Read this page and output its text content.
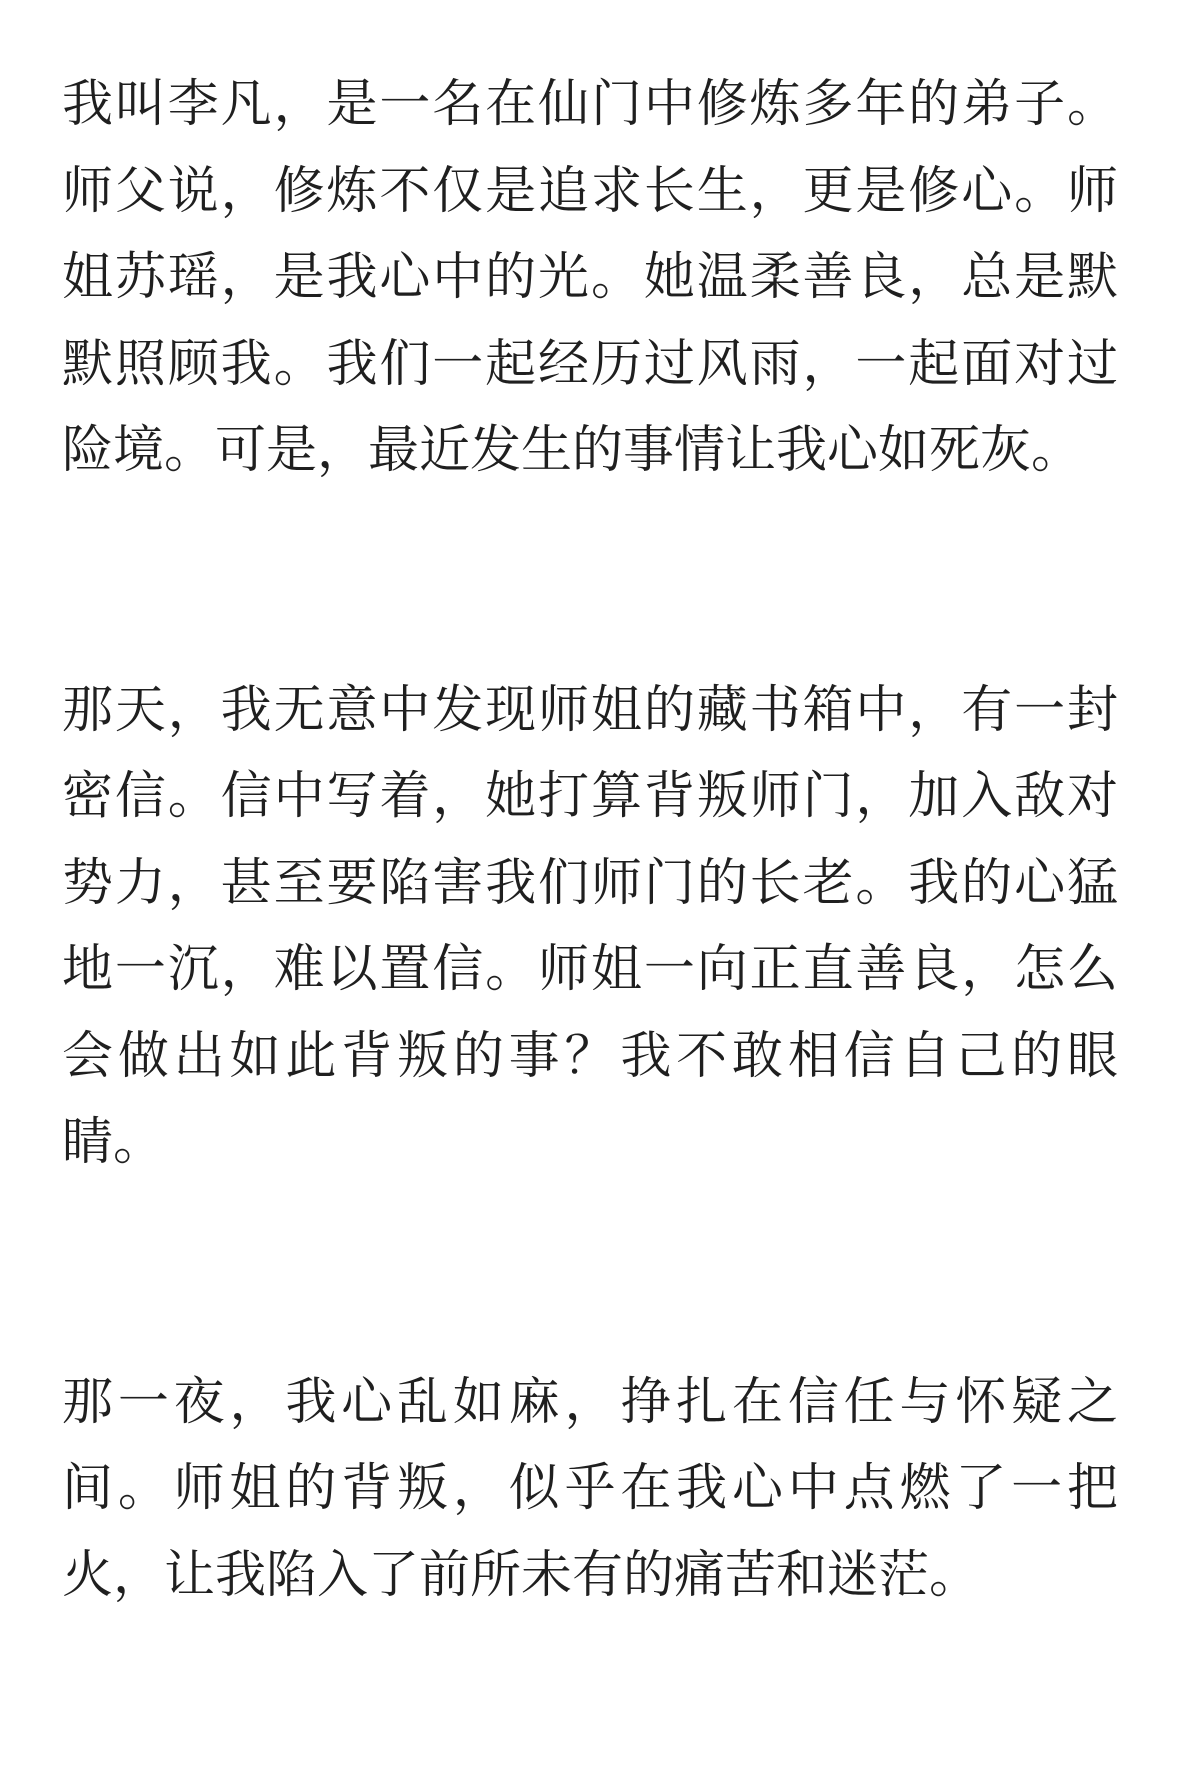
我叫李凡，是一名在仙门中修炼多年的弟子。师父说，修炼不仅是追求长生，更是修心。师姐苏瑶，是我心中的光。她温柔善良，总是默默照顾我。我们一起经历过风雨，一起面对过险境。可是，最近发生的事情让我心如死灰。

那天，我无意中发现师姐的藏书箱中，有一封密信。信中写着，她打算背叛师门，加入敌对势力，甚至要陷害我们师门的长老。我的心猛地一沉，难以置信。师姐一向正直善良，怎么会做出如此背叛的事？我不敢相信自己的眼睛。

那一夜，我心乱如麻，挣扎在信任与怀疑之间。师姐的背叛，似乎在我心中点燃了一把火，让我陷入了前所未有的痛苦和迷茫。
